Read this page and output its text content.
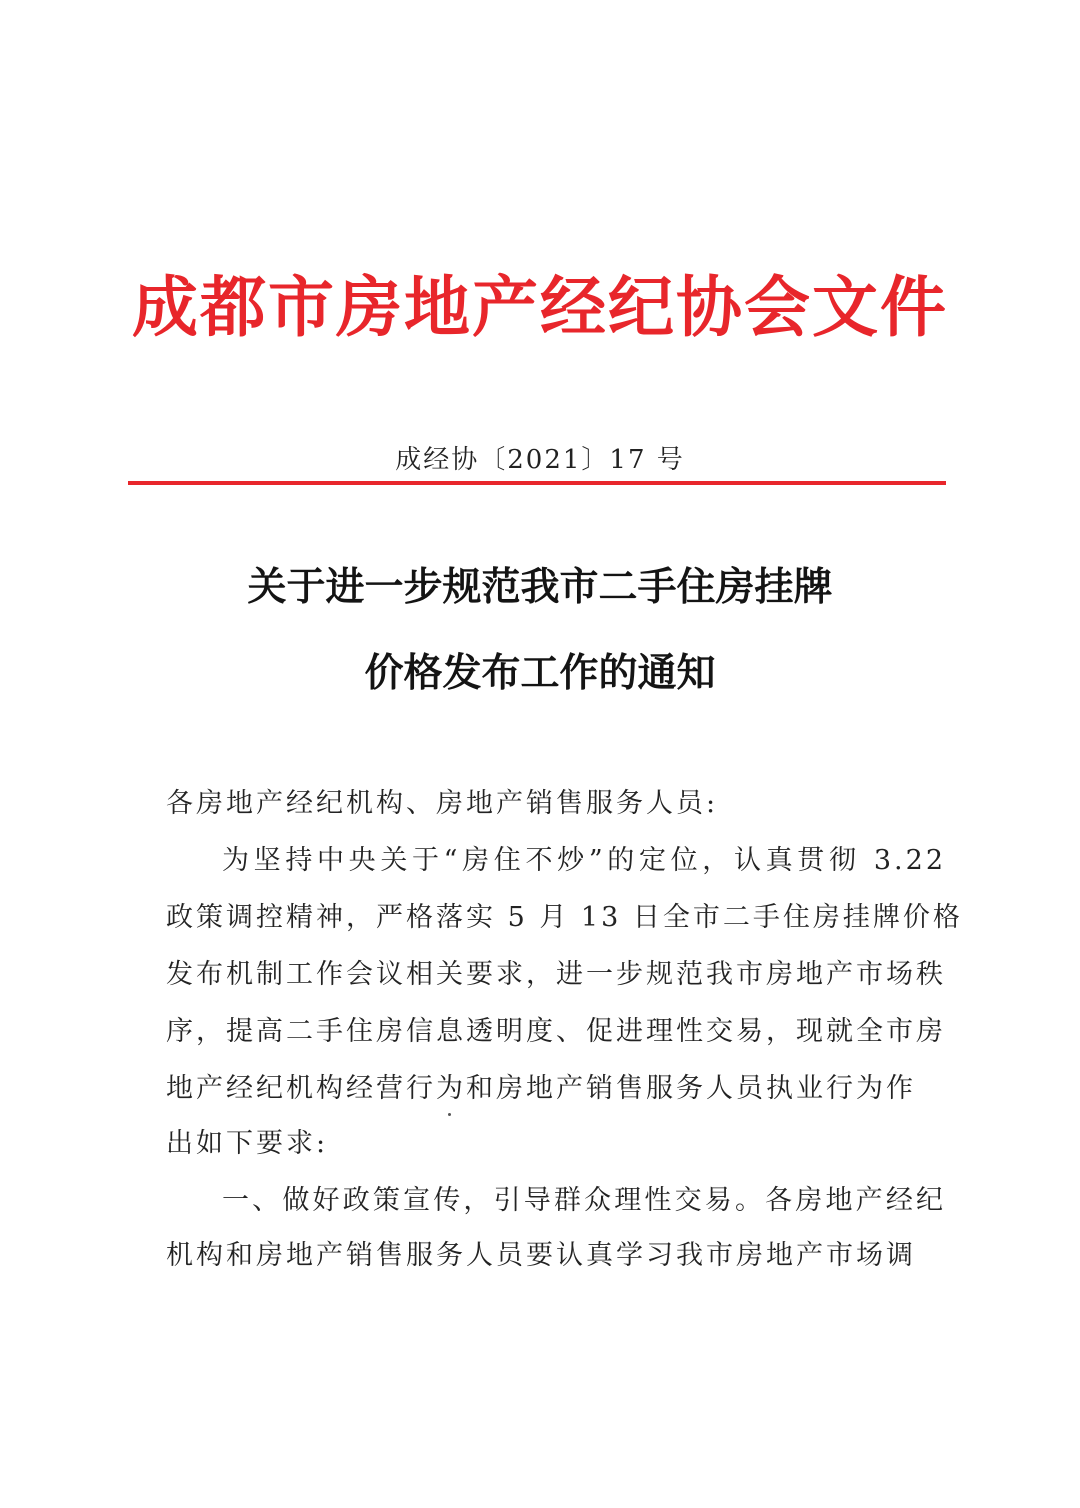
成都市房地产经纪协会文件
成经协〔2021〕17 号
关于进一步规范我市二手住房挂牌
价格发布工作的通知
各房地产经纪机构、房地产销售服务人员:
为坚持中央关于“房住不炒”的定位，认真贯彻 3.22
政策调控精神，严格落实 5 月 13 日全市二手住房挂牌价格
发布机制工作会议相关要求，进一步规范我市房地产市场秩
序，提高二手住房信息透明度、促进理性交易，现就全市房
地产经纪机构经营行为和房地产销售服务人员执业行为作
出如下要求:
一、做好政策宣传，引导群众理性交易。各房地产经纪
机构和房地产销售服务人员要认真学习我市房地产市场调
